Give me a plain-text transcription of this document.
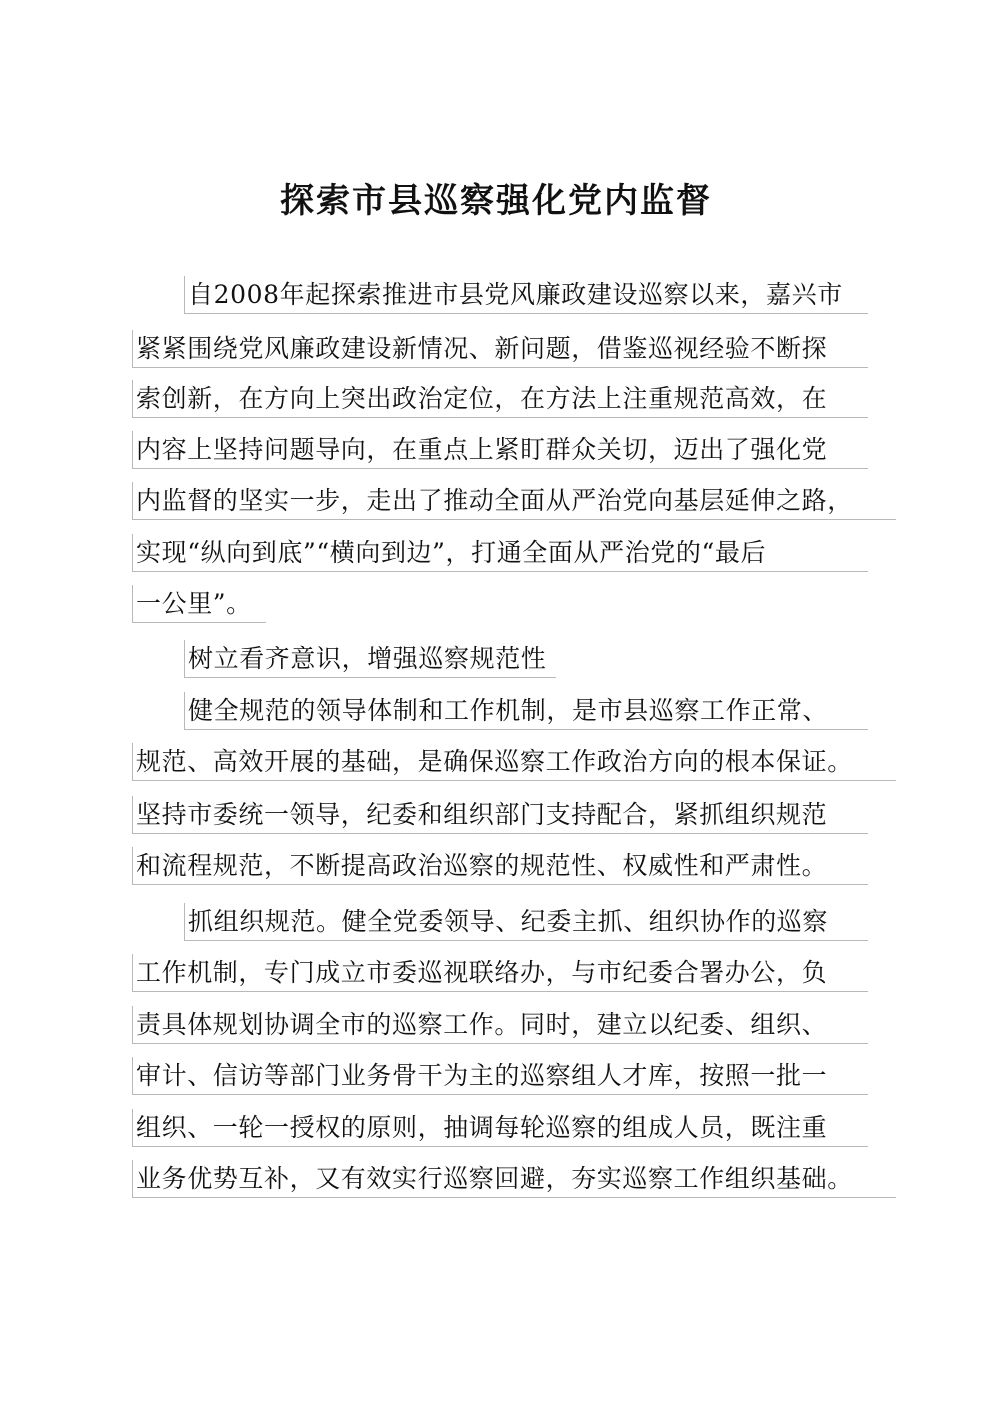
探索市县巡察强化党内监督
自2008年起探索推进市县党风廉政建设巡察以来，嘉兴市
紧紧围绕党风廉政建设新情况、新问题，借鉴巡视经验不断探
索创新，在方向上突出政治定位，在方法上注重规范高效，在
内容上坚持问题导向，在重点上紧盯群众关切，迈出了强化党
内监督的坚实一步，走出了推动全面从严治党向基层延伸之路，
实现“纵向到底”“横向到边”，打通全面从严治党的“最后
一公里”。
树立看齐意识，增强巡察规范性
健全规范的领导体制和工作机制，是市县巡察工作正常、
规范、高效开展的基础，是确保巡察工作政治方向的根本保证。
坚持市委统一领导，纪委和组织部门支持配合，紧抓组织规范
和流程规范，不断提高政治巡察的规范性、权威性和严肃性。
抓组织规范。健全党委领导、纪委主抓、组织协作的巡察
工作机制，专门成立市委巡视联络办，与市纪委合署办公，负
责具体规划协调全市的巡察工作。同时，建立以纪委、组织、
审计、信访等部门业务骨干为主的巡察组人才库，按照一批一
组织、一轮一授权的原则，抽调每轮巡察的组成人员，既注重
业务优势互补，又有效实行巡察回避，夯实巡察工作组织基础。
